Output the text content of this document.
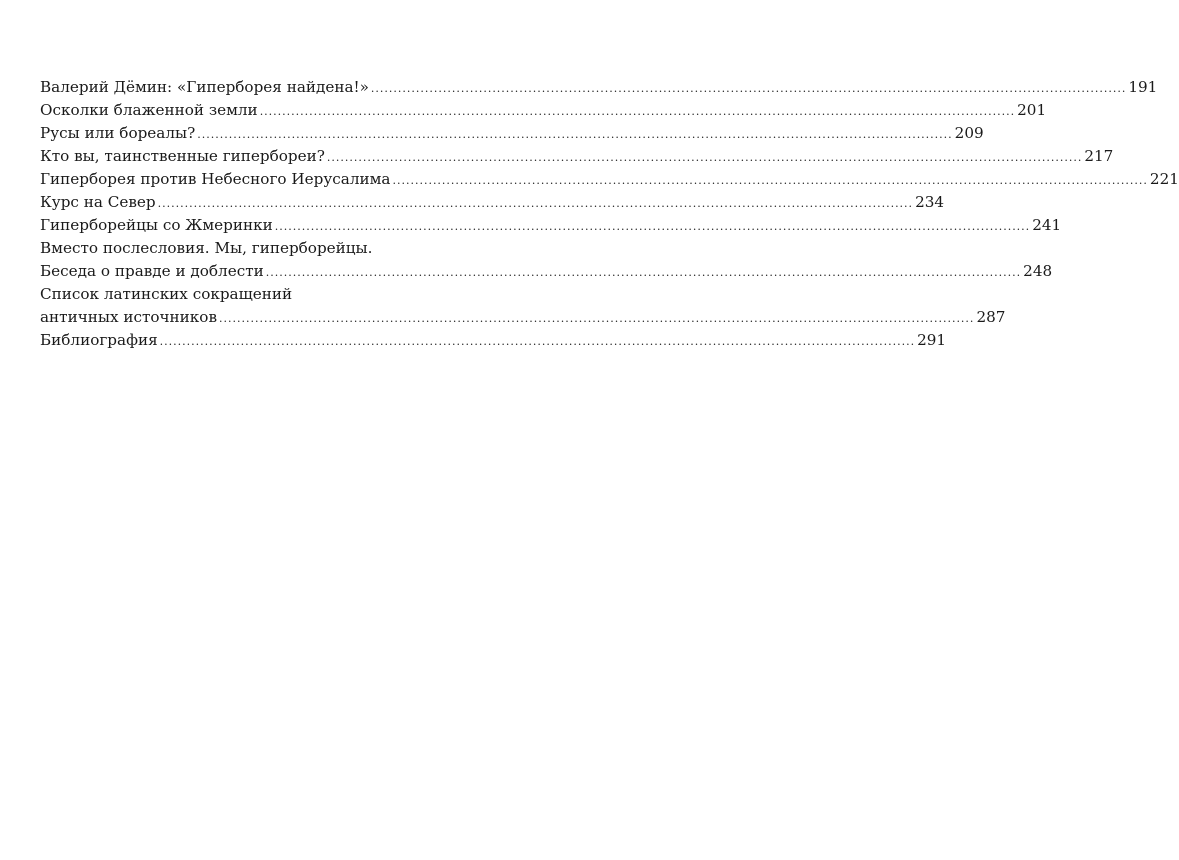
Валерий Дёмин: «Гиперборея найдена!» .....	191
Осколки блаженной земли .....	201
Русы или бореалы? .....	209
Кто вы, таинственные гипербореи? .....	217
Гиперборея против Небесного Иерусалима .....	221
Курс на Север .....	234
Гиперборейцы со Жмеринки .....	241
Вместо послесловия. Мы, гиперборейцы.
Беседа о правде и доблести .....	248
Список латинских сокращений
античных источников .....	287
Библиография .....	291
